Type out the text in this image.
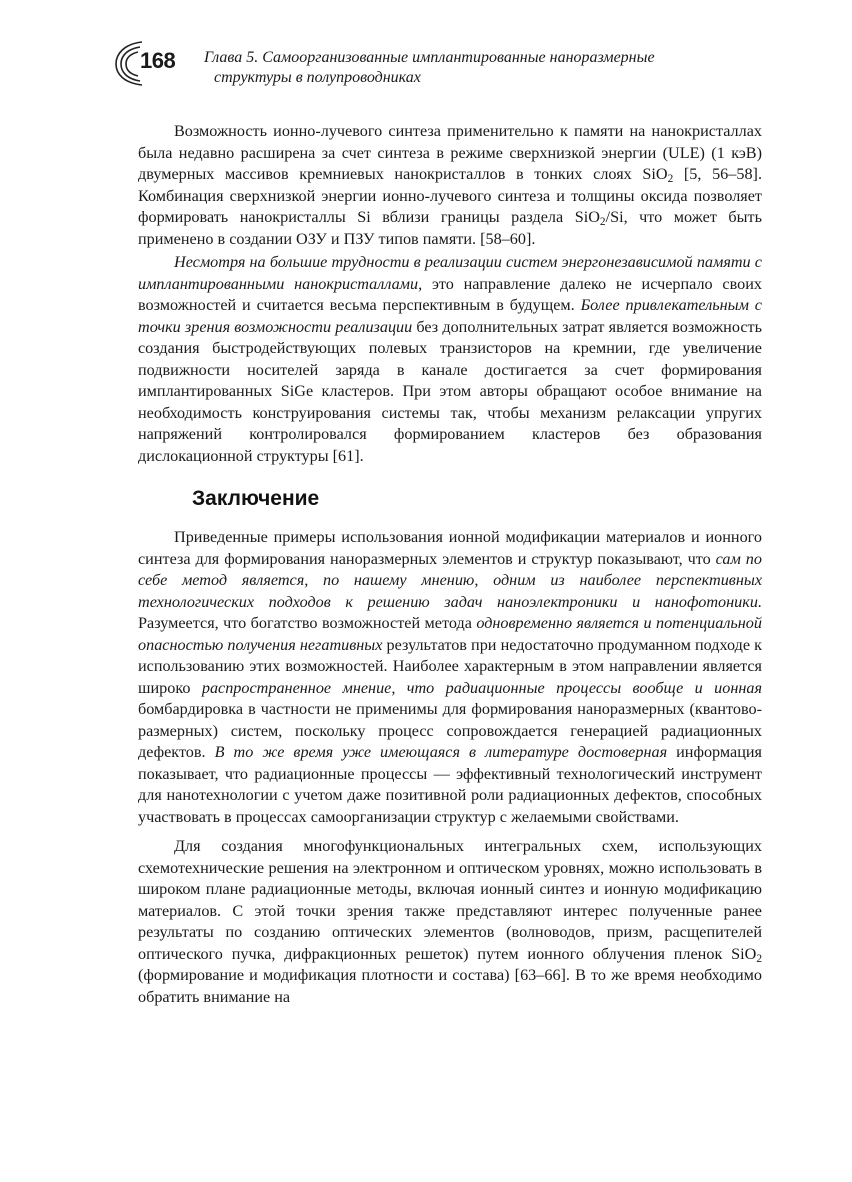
168 Глава 5. Самоорганизованные имплантированные наноразмерные
структуры в полупроводниках

Возможность ионно-лучевого синтеза применительно к памяти на нанокристаллах была недавно расширена за счет синтеза в режиме сверхнизкой энергии (ULE) (1 кэВ) двумерных массивов кремниевых нанокристаллов в тонких слоях SiO$_2$ [5, 56–58]. Комбинация сверхнизкой энергии ионно-лучевого синтеза и толщины оксида позволяет формировать нанокристаллы Si вблизи границы раздела SiO$_2$/Si, что может быть применено в создании ОЗУ и ПЗУ типов памяти. [58–60].

Несмотря на большие трудности в реализации систем энергонезависимой памяти с имплантированными нанокристаллами, это направление далеко не исчерпало своих возможностей и считается весьма перспективным в будущем. Более привлекательным с точки зрения возможности реализации без дополнительных затрат является возможность создания быстродействующих полевых транзисторов на кремнии, где увеличение подвижности носителей заряда в канале достигается за счет формирования имплантированных SiGe кластеров. При этом авторы обращают особое внимание на необходимость конструирования системы так, чтобы механизм релаксации упругих напряжений контролировался формированием кластеров без образования дислокационной структуры [61].

Заключение

Приведенные примеры использования ионной модификации материалов и ионного синтеза для формирования наноразмерных элементов и структур показывают, что сам по себе метод является, по нашему мнению, одним из наиболее перспективных технологических подходов к решению задач наноэлектроники и нанофотоники. Разумеется, что богатство возможностей метода одновременно является и потенциальной опасностью получения негативных результатов при недостаточно продуманном подходе к использованию этих возможностей. Наиболее характерным в этом направлении является широко распространенное мнение, что радиационные процессы вообще и ионная бомбардировка в частности не применимы для формирования наноразмерных (квантово-размерных) систем, поскольку процесс сопровождается генерацией радиационных дефектов. В то же время уже имеющаяся в литературе достоверная информация показывает, что радиационные процессы — эффективный технологический инструмент для нанотехнологии с учетом даже позитивной роли радиационных дефектов, способных участвовать в процессах самоорганизации структур с желаемыми свойствами.

Для создания многофункциональных интегральных схем, использующих схемотехнические решения на электронном и оптическом уровнях, можно использовать в широком плане радиационные методы, включая ионный синтез и ионную модификацию материалов. С этой точки зрения также представляют интерес полученные ранее результаты по созданию оптических элементов (волноводов, призм, расщепителей оптического пучка, дифракционных решеток) путем ионного облучения пленок SiO$_2$ (формирование и модификация плотности и состава) [63–66]. В то же время необходимо обратить внимание на
